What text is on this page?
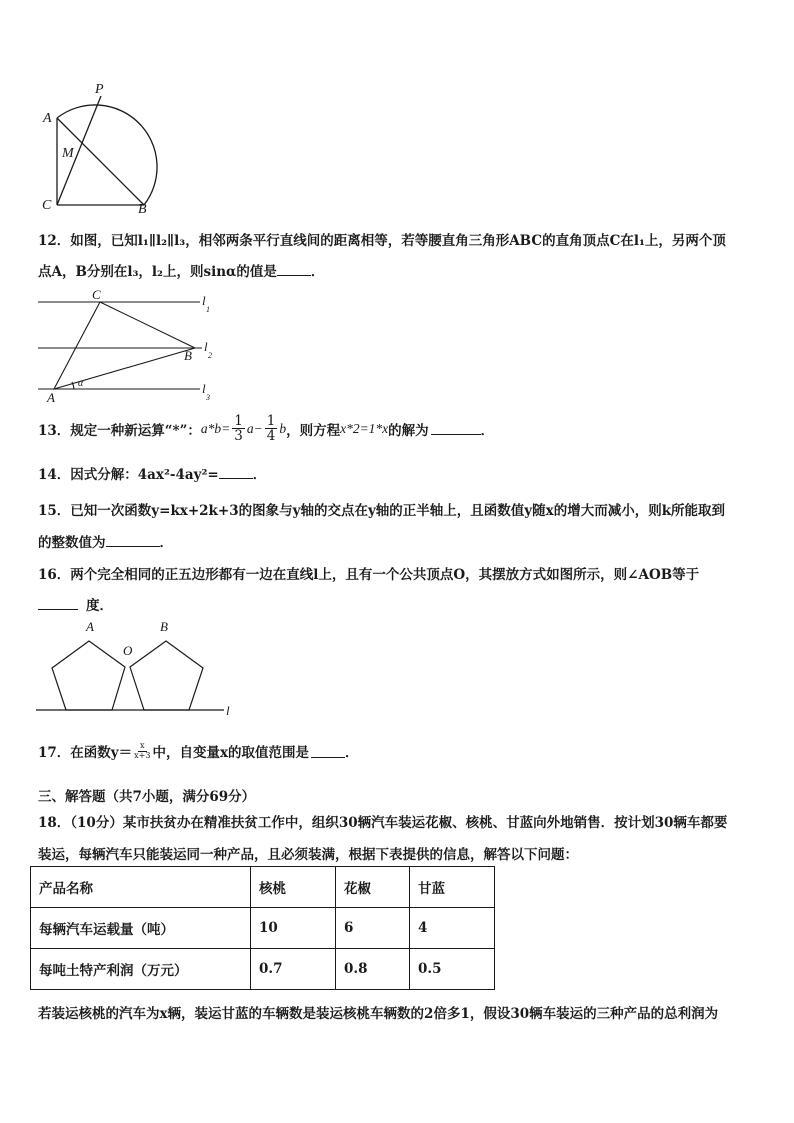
A
P
M
C	B
12．如图，已知l₁∥l₂∥l₃，相邻两条平行直线间的距离相等，若等腰直角三角形ABC的直角顶点C在l₁上，另两个顶
点A，B分别在l₃，l₂上，则sinα的值是	．
C
B
A
α
l
1
l
2
l
3
13．规定一种新运算“*”： $a*b= \frac{1}{3} a- \frac{1}{4}$ b ，则方程 x*2=1*x 的解为	．
14．因式分解：4ax²-4ay²=	．
15．已知一次函数y=kx+2k+3的图象与y轴的交点在y轴的正半轴上，且函数值y随x的增大而减小，则k所能取到
的整数值为	．
16．两个完全相同的正五边形都有一边在直线l上，且有一个公共顶点O，其摆放方式如图所示，则∠AOB等于
度．
A	B
O
l
17．在函数$y= \frac{x}{x+3}$ 中，自变量x的取值范围是	．
三、解答题（共7小题，满分69分）
18．（10分）某市扶贫办在精准扶贫工作中，组织30辆汽车装运花椒、核桃、甘蓝向外地销售．按计划30辆车都要
装运，每辆汽车只能装运同一种产品，且必须装满，根据下表提供的信息，解答以下问题：
产品名称	核桃	花椒	甘蓝
每辆汽车运载量（吨）	10	6	4
每吨土特产利润（万元）	0.7	0.8	0.5
若装运核桃的汽车为x辆，装运甘蓝的车辆数是装运核桃车辆数的2倍多1，假设30辆车装运的三种产品的总利润为
